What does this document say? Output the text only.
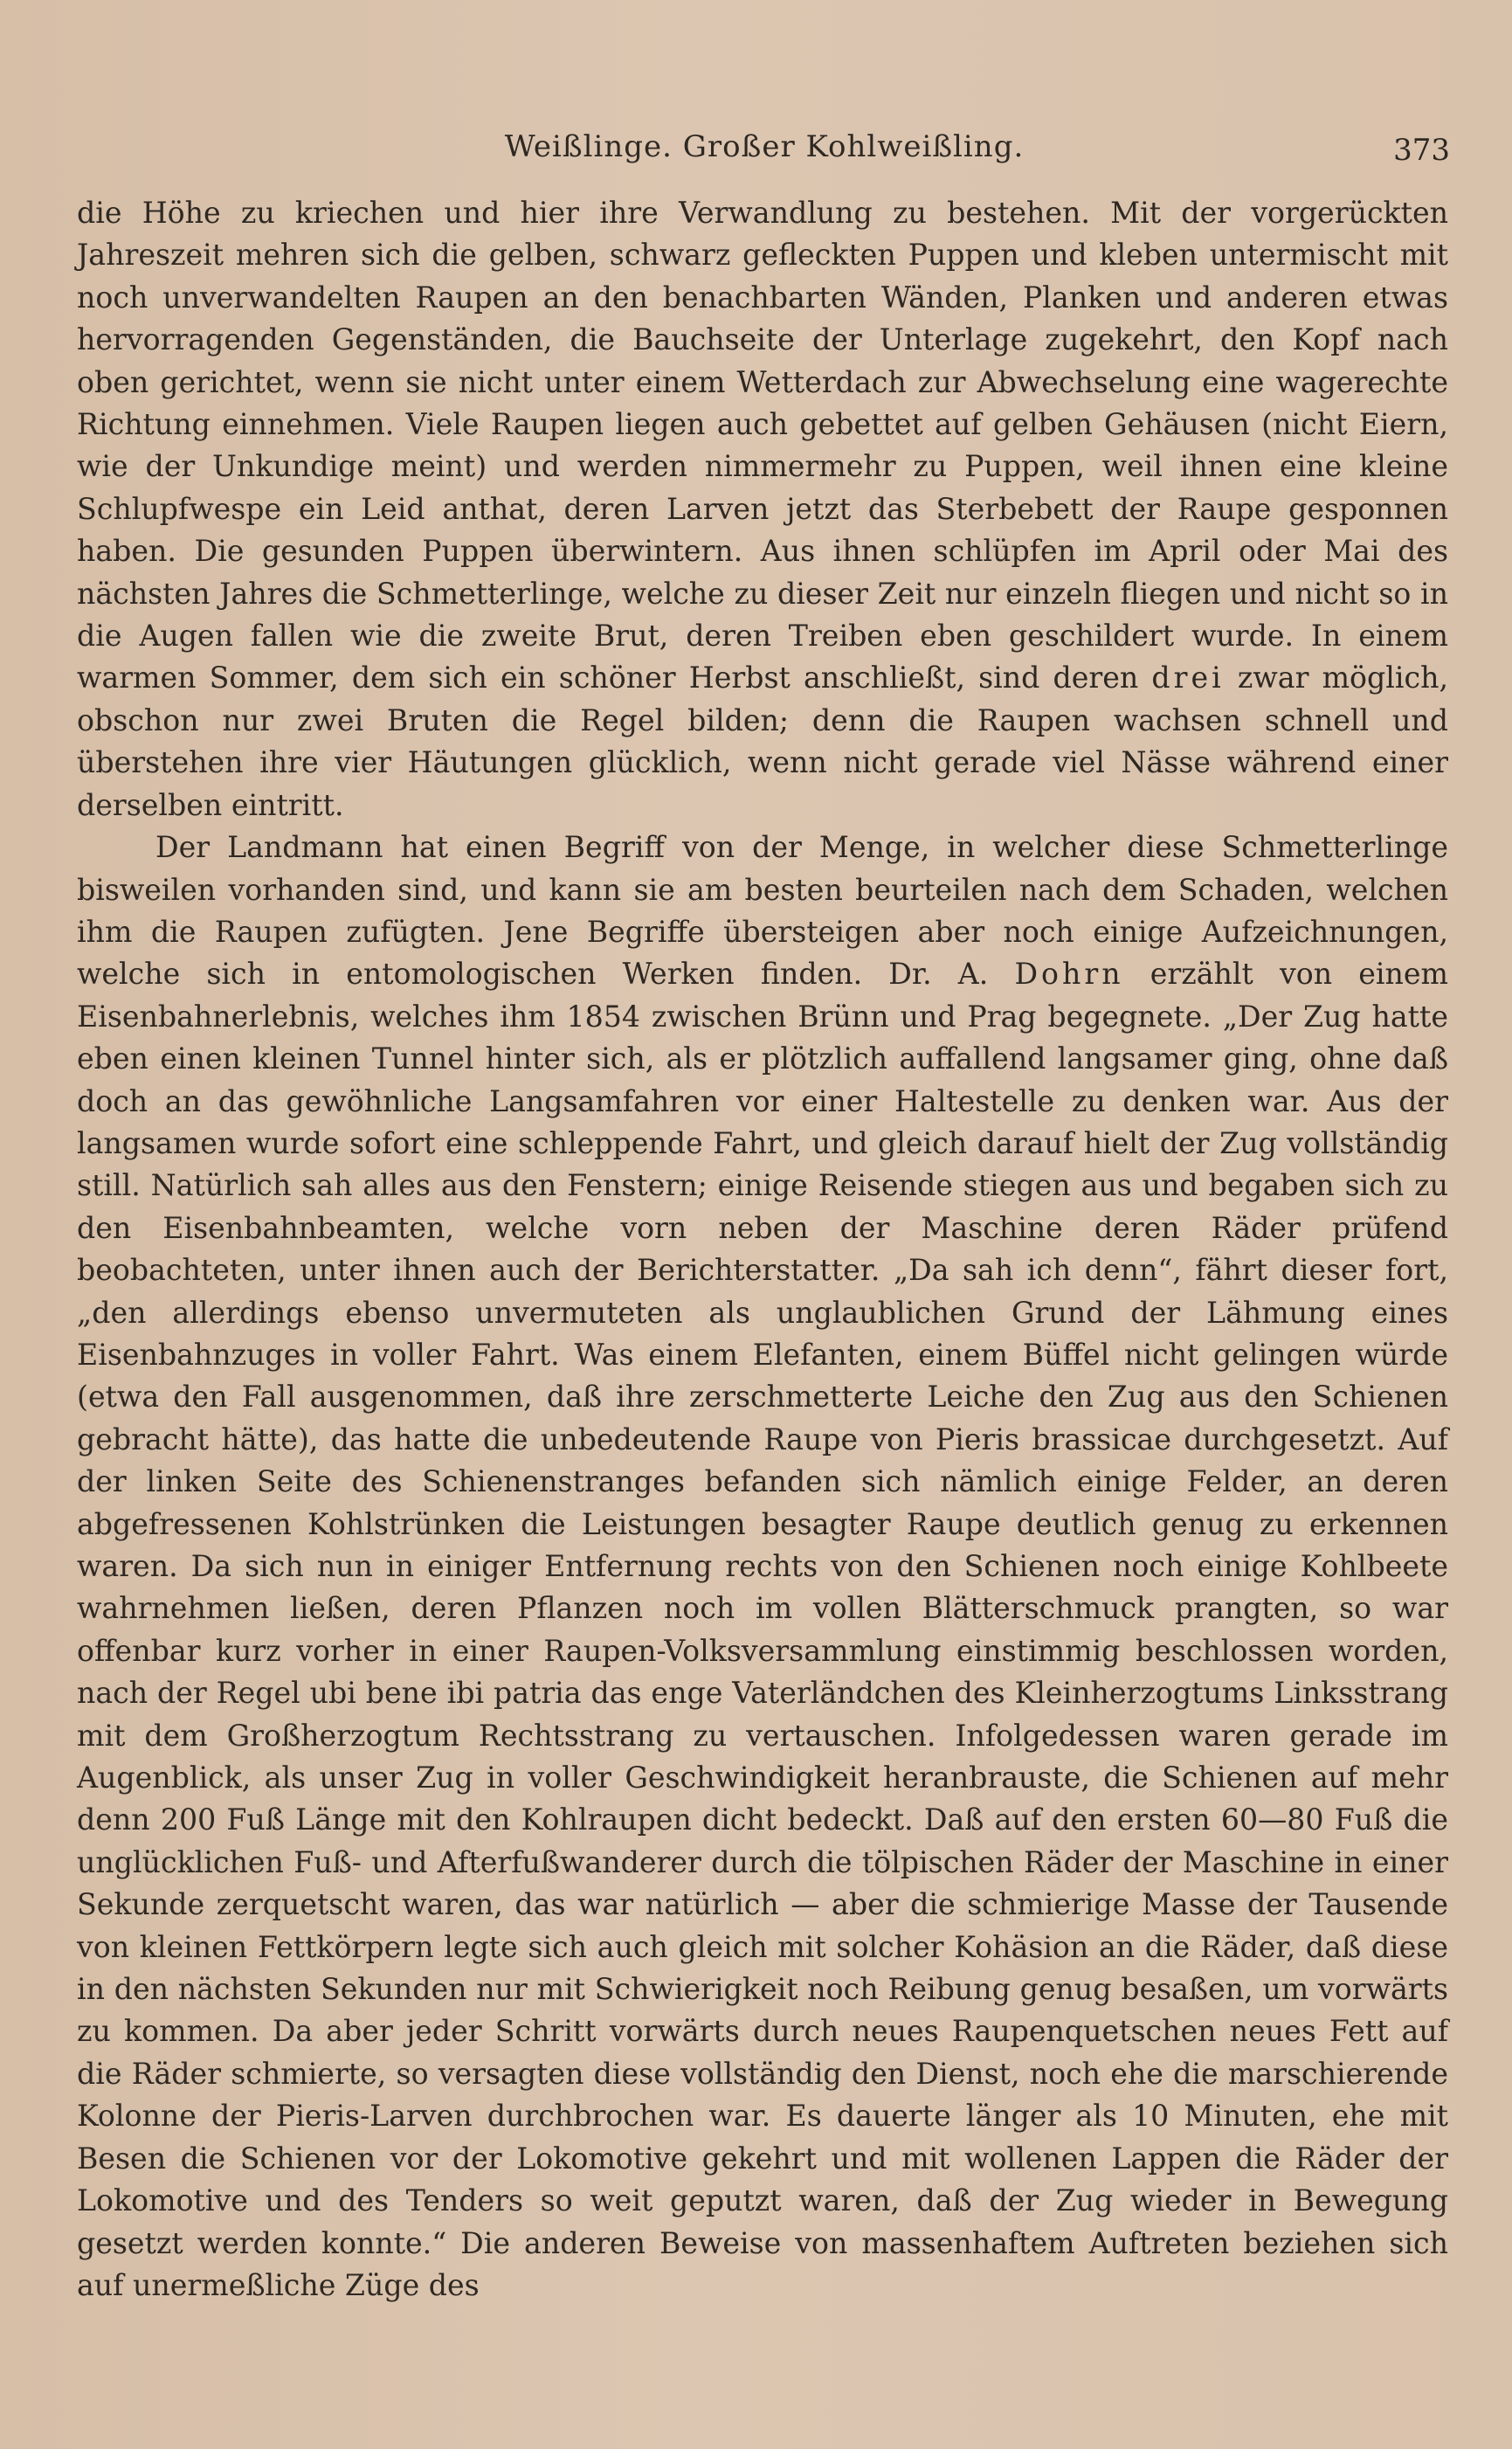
Weißlinge. Großer Kohlweißling.	373

die Höhe zu kriechen und hier ihre Verwandlung zu bestehen. Mit der vorgerückten Jahreszeit mehren sich die gelben, schwarz gefleckten Puppen und kleben untermischt mit noch unverwandelten Raupen an den benachbarten Wänden, Planken und anderen etwas hervorragenden Gegenständen, die Bauchseite der Unterlage zugekehrt, den Kopf nach oben gerichtet, wenn sie nicht unter einem Wetterdach zur Abwechselung eine wagerechte Richtung einnehmen. Viele Raupen liegen auch gebettet auf gelben Gehäusen (nicht Eiern, wie der Unkundige meint) und werden nimmermehr zu Puppen, weil ihnen eine kleine Schlupfwespe ein Leid anthat, deren Larven jetzt das Sterbebett der Raupe gesponnen haben. Die gesunden Puppen überwintern. Aus ihnen schlüpfen im April oder Mai des nächsten Jahres die Schmetterlinge, welche zu dieser Zeit nur einzeln fliegen und nicht so in die Augen fallen wie die zweite Brut, deren Treiben eben geschildert wurde. In einem warmen Sommer, dem sich ein schöner Herbst anschließt, sind deren drei zwar möglich, obschon nur zwei Bruten die Regel bilden; denn die Raupen wachsen schnell und überstehen ihre vier Häutungen glücklich, wenn nicht gerade viel Nässe während einer derselben eintritt.

Der Landmann hat einen Begriff von der Menge, in welcher diese Schmetterlinge bisweilen vorhanden sind, und kann sie am besten beurteilen nach dem Schaden, welchen ihm die Raupen zufügten. Jene Begriffe übersteigen aber noch einige Aufzeichnungen, welche sich in entomologischen Werken finden. Dr. A. Dohrn erzählt von einem Eisenbahnerlebnis, welches ihm 1854 zwischen Brünn und Prag begegnete. „Der Zug hatte eben einen kleinen Tunnel hinter sich, als er plötzlich auffallend langsamer ging, ohne daß doch an das gewöhnliche Langsamfahren vor einer Haltestelle zu denken war. Aus der langsamen wurde sofort eine schleppende Fahrt, und gleich darauf hielt der Zug vollständig still. Natürlich sah alles aus den Fenstern; einige Reisende stiegen aus und begaben sich zu den Eisenbahnbeamten, welche vorn neben der Maschine deren Räder prüfend beobachteten, unter ihnen auch der Berichterstatter. „Da sah ich denn“, fährt dieser fort, „den allerdings ebenso unvermuteten als unglaublichen Grund der Lähmung eines Eisenbahnzuges in voller Fahrt. Was einem Elefanten, einem Büffel nicht gelingen würde (etwa den Fall ausgenommen, daß ihre zerschmetterte Leiche den Zug aus den Schienen gebracht hätte), das hatte die unbedeutende Raupe von Pieris brassicae durchgesetzt. Auf der linken Seite des Schienenstranges befanden sich nämlich einige Felder, an deren abgefressenen Kohlstrünken die Leistungen besagter Raupe deutlich genug zu erkennen waren. Da sich nun in einiger Entfernung rechts von den Schienen noch einige Kohlbeete wahrnehmen ließen, deren Pflanzen noch im vollen Blätterschmuck prangten, so war offenbar kurz vorher in einer Raupen-Volksversammlung einstimmig beschlossen worden, nach der Regel ubi bene ibi patria das enge Vaterländchen des Kleinherzogtums Linksstrang mit dem Großherzogtum Rechtsstrang zu vertauschen. Infolgedessen waren gerade im Augenblick, als unser Zug in voller Geschwindigkeit heranbrauste, die Schienen auf mehr denn 200 Fuß Länge mit den Kohlraupen dicht bedeckt. Daß auf den ersten 60—80 Fuß die unglücklichen Fuß- und Afterfußwanderer durch die tölpischen Räder der Maschine in einer Sekunde zerquetscht waren, das war natürlich — aber die schmierige Masse der Tausende von kleinen Fettkörpern legte sich auch gleich mit solcher Kohäsion an die Räder, daß diese in den nächsten Sekunden nur mit Schwierigkeit noch Reibung genug besaßen, um vorwärts zu kommen. Da aber jeder Schritt vorwärts durch neues Raupenquetschen neues Fett auf die Räder schmierte, so versagten diese vollständig den Dienst, noch ehe die marschierende Kolonne der Pieris-Larven durchbrochen war. Es dauerte länger als 10 Minuten, ehe mit Besen die Schienen vor der Lokomotive gekehrt und mit wollenen Lappen die Räder der Lokomotive und des Tenders so weit geputzt waren, daß der Zug wieder in Bewegung gesetzt werden konnte.“ Die anderen Beweise von massenhaftem Auftreten beziehen sich auf unermeßliche Züge des
